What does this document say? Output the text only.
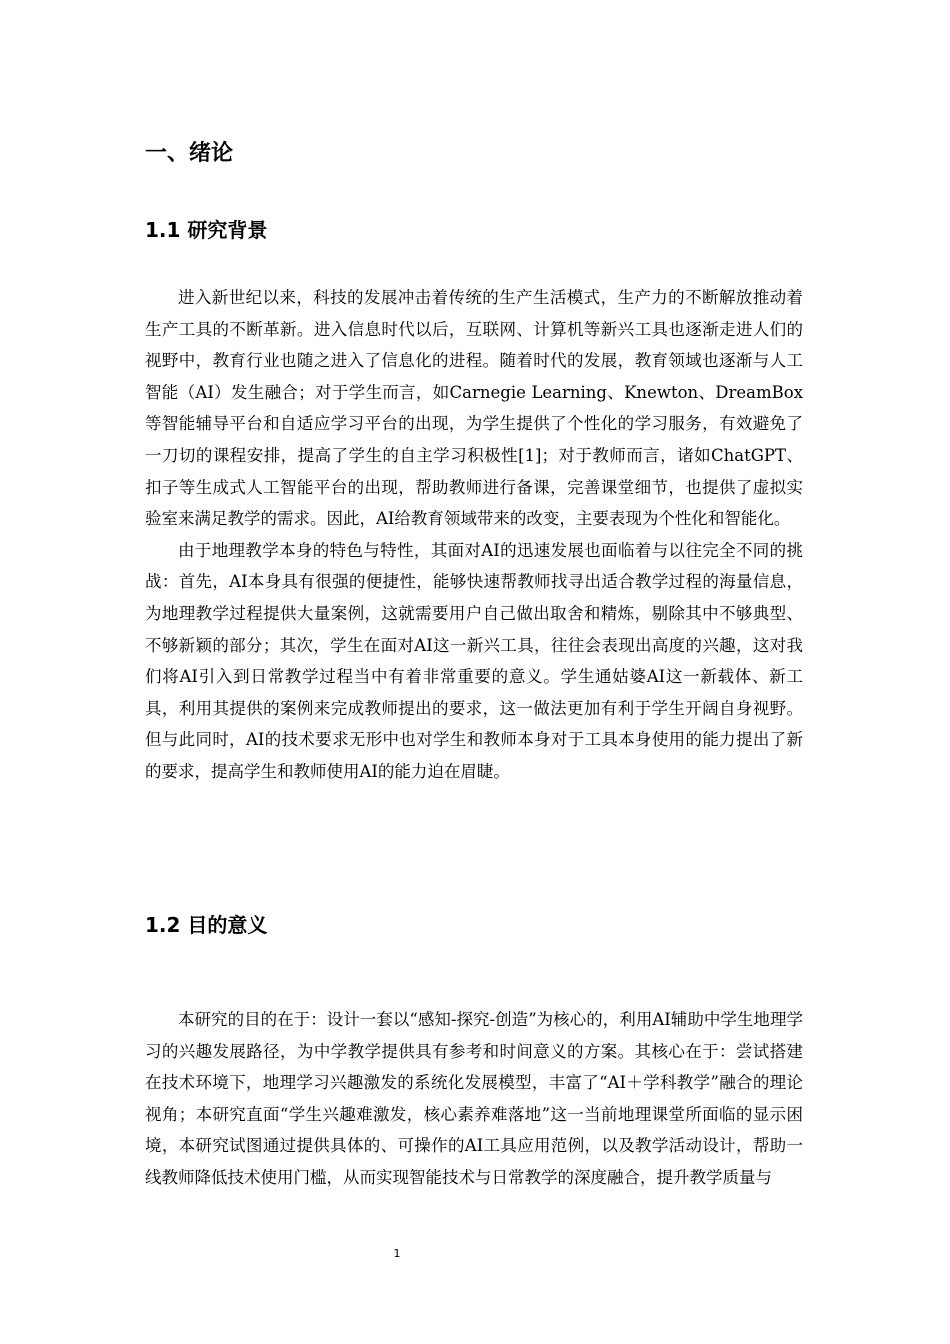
一、绪论
1.1 研究背景

进入新世纪以来，科技的发展冲击着传统的生产生活模式，生产力的不断解放推动着生产工具的不断革新。进入信息时代以后，互联网、计算机等新兴工具也逐渐走进人们的视野中，教育行业也随之进入了信息化的进程。随着时代的发展，教育领域也逐渐与人工智能（AI）发生融合；对于学生而言，如Carnegie Learning、Knewton、DreamBox等智能辅导平台和自适应学习平台的出现，为学生提供了个性化的学习服务，有效避免了一刀切的课程安排，提高了学生的自主学习积极性[1]；对于教师而言，诸如ChatGPT、扣子等生成式人工智能平台的出现，帮助教师进行备课，完善课堂细节，也提供了虚拟实验室来满足教学的需求。因此，AI给教育领域带来的改变，主要表现为个性化和智能化。

由于地理教学本身的特色与特性，其面对AI的迅速发展也面临着与以往完全不同的挑战：首先，AI本身具有很强的便捷性，能够快速帮教师找寻出适合教学过程的海量信息，为地理教学过程提供大量案例，这就需要用户自己做出取舍和精炼，剔除其中不够典型、不够新颖的部分；其次，学生在面对AI这一新兴工具，往往会表现出高度的兴趣，这对我们将AI引入到日常教学过程当中有着非常重要的意义。学生通姑婆AI这一新载体、新工具，利用其提供的案例来完成教师提出的要求，这一做法更加有利于学生开阔自身视野。但与此同时，AI的技术要求无形中也对学生和教师本身对于工具本身使用的能力提出了新的要求，提高学生和教师使用AI的能力迫在眉睫。

1.2 目的意义

本研究的目的在于：设计一套以“感知-探究-创造”为核心的，利用AI辅助中学生地理学习的兴趣发展路径，为中学教学提供具有参考和时间意义的方案。其核心在于：尝试搭建在技术环境下，地理学习兴趣激发的系统化发展模型，丰富了“AI＋学科教学”融合的理论视角；本研究直面“学生兴趣难激发，核心素养难落地”这一当前地理课堂所面临的显示困境，本研究试图通过提供具体的、可操作的AI工具应用范例，以及教学活动设计，帮助一线教师降低技术使用门槛，从而实现智能技术与日常教学的深度融合，提升教学质量与

1
